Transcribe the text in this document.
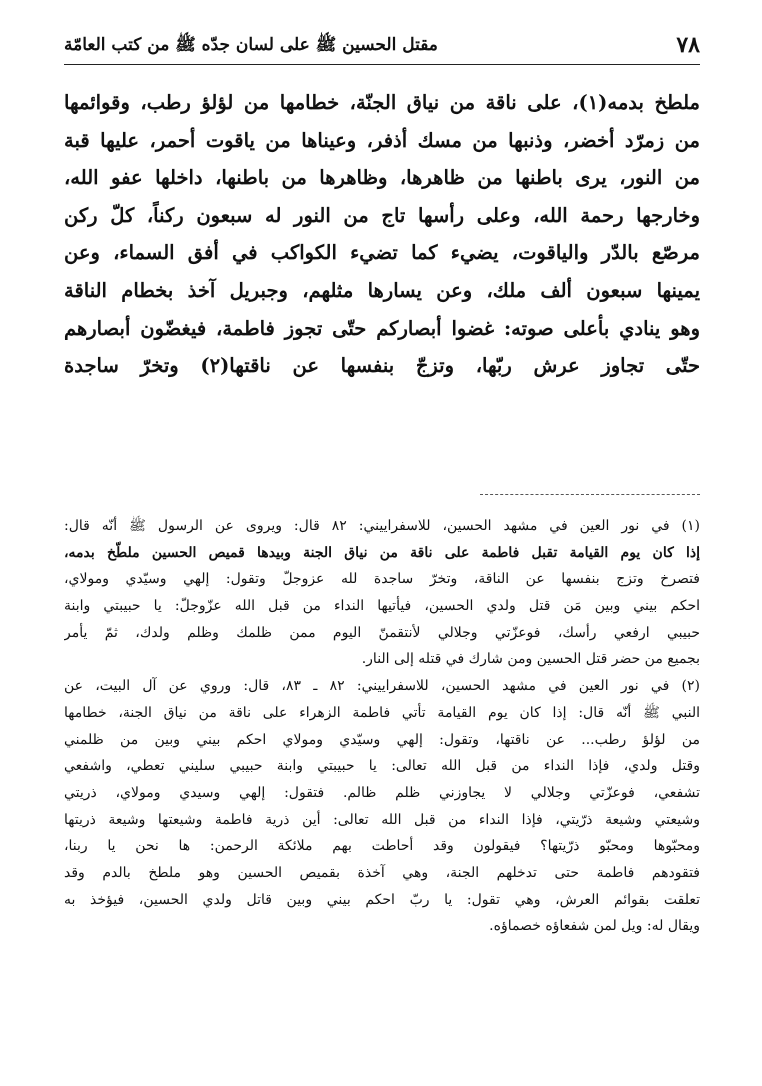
٧٨
مقتل الحسين ﷺ على لسان جدّه ﷺ من كتب العامّة
ملطخ بدمه(١)، على ناقة من نياق الجنّة، خطامها من لؤلؤ رطب، وقوائمها
من زمرّد أخضر، وذنبها من مسك أذفر، وعيناها من ياقوت أحمر، عليها قبة
من النور، يرى باطنها من ظاهرها، وظاهرها من باطنها، داخلها عفو الله،
وخارجها رحمة الله، وعلى رأسها تاج من النور له سبعون ركناً، كلّ ركن
مرصّع بالدّر والياقوت، يضيء كما تضيء الكواكب في أفق السماء، وعن
يمينها سبعون ألف ملك، وعن يسارها مثلهم، وجبريل آخذ بخطام الناقة
وهو ينادي بأعلى صوته: غضوا أبصاركم حتّى تجوز فاطمة، فيغضّون أبصارهم
حتّى تجاوز عرش ربّها، وتزجّ بنفسها عن ناقتها(٢) وتخرّ ساجدة
(١) في نور العين في مشهد الحسين، للاسفراييني: ٨٢ قال: ويروى عن الرسول ﷺ أنّه قال:
إذا كان يوم القيامة تقبل فاطمة على ناقة من نياق الجنة وبيدها قميص الحسين ملطّخ بدمه،
فتصرخ وتزج بنفسها عن الناقة، وتخرّ ساجدة لله عزوجلّ وتقول: إلهي وسيّدي ومولاي،
احكم بيني وبين مَن قتل ولدي الحسين، فيأتيها النداء من قبل الله عزّوجلّ: يا حبيبتي وابنة
حبيبي ارفعي رأسك، فوعزّتي وجلالي لأنتقمنّ اليوم ممن ظلمك وظلم ولدك، ثمّ يأمر
بجميع من حضر قتل الحسين ومن شارك في قتله إلى النار.
(٢) في نور العين في مشهد الحسين، للاسفراييني: ٨٢ ـ ٨٣، قال: وروي عن آل البيت، عن
النبي ﷺ أنّه قال: إذا كان يوم القيامة تأتي فاطمة الزهراء على ناقة من نياق الجنة، خطامها
من لؤلؤ رطب... عن ناقتها، وتقول: إلهي وسيّدي ومولاي احكم بيني وبين من ظلمني
وقتل ولدي، فإذا النداء من قبل الله تعالى: يا حبيبتي وابنة حبيبي سليني تعطي، واشفعي
تشفعي، فوعزّتي وجلالي لا يجاوزني ظلم ظالم. فتقول: إلهي وسيدي ومولاي، ذريتي
وشيعتي وشيعة ذرّيتي، فإذا النداء من قبل الله تعالى: أين ذرية فاطمة وشيعتها وشيعة ذريتها
ومحبّوها ومحبّو ذرّيتها؟ فيقولون وقد أحاطت بهم ملائكة الرحمن: ها نحن يا ربنا،
فتقودهم فاطمة حتى تدخلهم الجنة، وهي آخذة بقميص الحسين وهو ملطخ بالدم وقد
تعلقت بقوائم العرش، وهي تقول: يا ربّ احكم بيني وبين قاتل ولدي الحسين، فيؤخذ به
ويقال له: ويل لمن شفعاؤه خصماؤه.
